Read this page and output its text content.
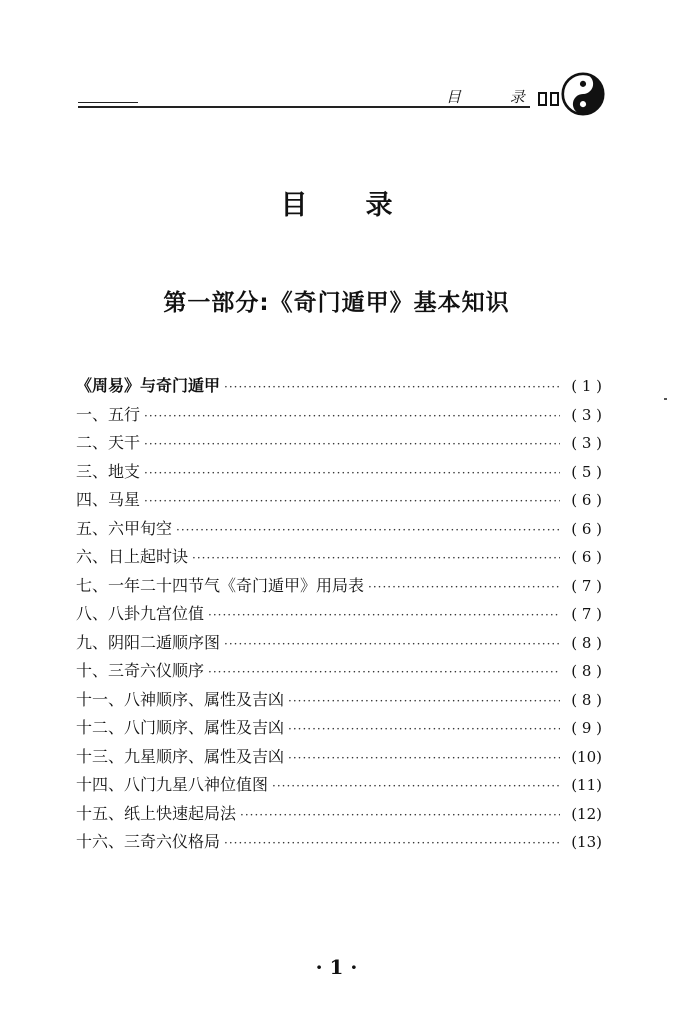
目 录
目录
第一部分:《奇门遁甲》基本知识
《周易》与奇门遁甲 ·····	( 1 )
一、五行 ·····	( 3 )
二、天干 ·····	( 3 )
三、地支 ·····	( 5 )
四、马星 ·····	( 6 )
五、六甲旬空 ·····	( 6 )
六、日上起时诀 ·····	( 6 )
七、一年二十四节气《奇门遁甲》用局表 ·····	( 7 )
八、八卦九宫位值 ·····	( 7 )
九、阴阳二遁顺序图 ·····	( 8 )
十、三奇六仪顺序 ·····	( 8 )
十一、八神顺序、属性及吉凶 ·····	( 8 )
十二、八门顺序、属性及吉凶 ·····	( 9 )
十三、九星顺序、属性及吉凶 ·····	(10)
十四、八门九星八神位值图 ·····	(11)
十五、纸上快速起局法 ·····	(12)
十六、三奇六仪格局 ·····	(13)
· 1 ·
